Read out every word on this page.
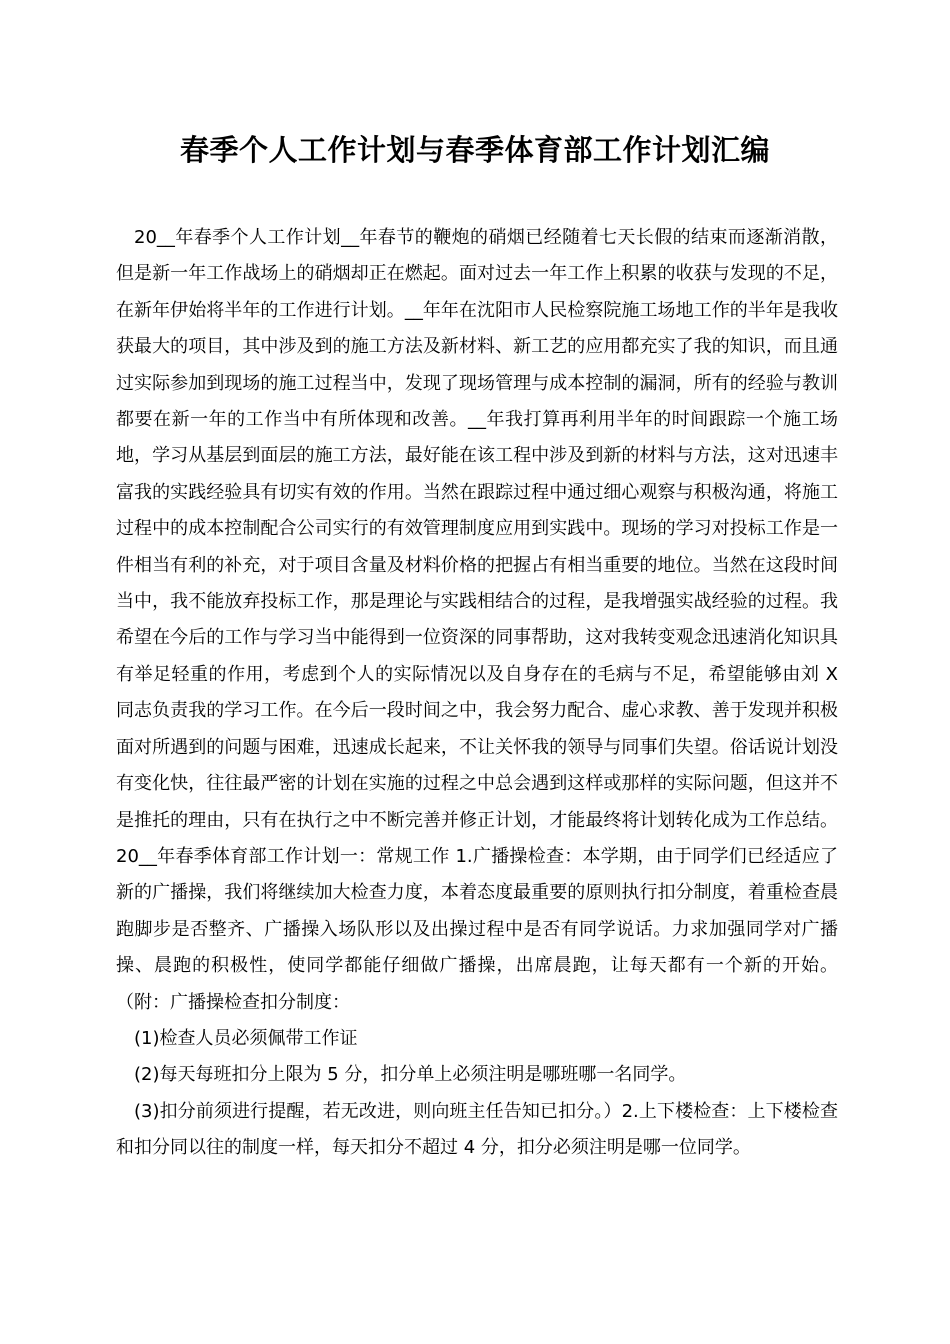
春季个人工作计划与春季体育部工作计划汇编

20__年春季个人工作计划__年春节的鞭炮的硝烟已经随着七天长假的结束而逐渐消散，但是新一年工作战场上的硝烟却正在燃起。面对过去一年工作上积累的收获与发现的不足，在新年伊始将半年的工作进行计划。__年年在沈阳市人民检察院施工场地工作的半年是我收获最大的项目，其中涉及到的施工方法及新材料、新工艺的应用都充实了我的知识，而且通过实际参加到现场的施工过程当中，发现了现场管理与成本控制的漏洞，所有的经验与教训都要在新一年的工作当中有所体现和改善。__年我打算再利用半年的时间跟踪一个施工场地，学习从基层到面层的施工方法，最好能在该工程中涉及到新的材料与方法，这对迅速丰富我的实践经验具有切实有效的作用。当然在跟踪过程中通过细心观察与积极沟通，将施工过程中的成本控制配合公司实行的有效管理制度应用到实践中。现场的学习对投标工作是一件相当有利的补充，对于项目含量及材料价格的把握占有相当重要的地位。当然在这段时间当中，我不能放弃投标工作，那是理论与实践相结合的过程，是我增强实战经验的过程。我希望在今后的工作与学习当中能得到一位资深的同事帮助，这对我转变观念迅速消化知识具有举足轻重的作用，考虑到个人的实际情况以及自身存在的毛病与不足，希望能够由刘 X 同志负责我的学习工作。在今后一段时间之中，我会努力配合、虚心求教、善于发现并积极面对所遇到的问题与困难，迅速成长起来，不让关怀我的领导与同事们失望。俗话说计划没有变化快，往往最严密的计划在实施的过程之中总会遇到这样或那样的实际问题，但这并不是推托的理由，只有在执行之中不断完善并修正计划，才能最终将计划转化成为工作总结。20__年春季体育部工作计划一：常规工作 1.广播操检查：本学期，由于同学们已经适应了新的广播操，我们将继续加大检查力度，本着态度最重要的原则执行扣分制度，着重检查晨跑脚步是否整齐、广播操入场队形以及出操过程中是否有同学说话。力求加强同学对广播操、晨跑的积极性，使同学都能仔细做广播操，出席晨跑，让每天都有一个新的开始。（附：广播操检查扣分制度：

(1)检查人员必须佩带工作证

(2)每天每班扣分上限为 5 分，扣分单上必须注明是哪班哪一名同学。

(3)扣分前须进行提醒，若无改进，则向班主任告知已扣分。）2.上下楼检查：上下楼检查和扣分同以往的制度一样，每天扣分不超过 4 分，扣分必须注明是哪一位同学。
